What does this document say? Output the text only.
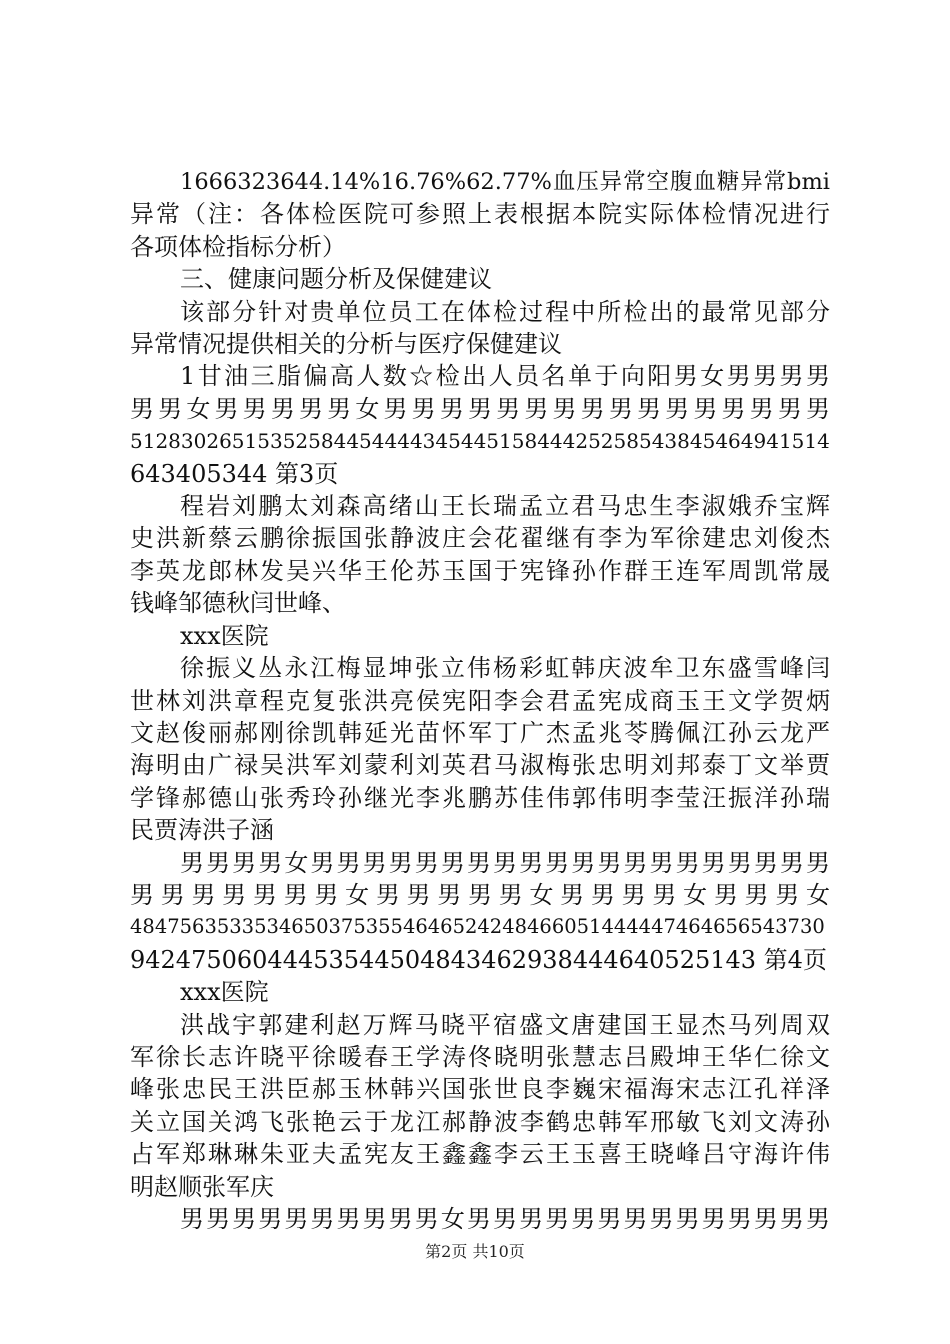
1666323644.14%16.76%62.77%血压异常空腹血糖异常bmi
异常（注：各体检医院可参照上表根据本院实际体检情况进行
各项体检指标分析）
三、健康问题分析及保健建议
该部分针对贵单位员工在体检过程中所检出的最常见部分
异常情况提供相关的分析与医疗保健建议
1甘油三脂偏高人数☆检出人员名单于向阳男女男男男男
男男女男男男男男女男男男男男男男男男男男男男男男男
5128302651535258445444434544515844425258543845464941514
643405344 第3页
程岩刘鹏太刘森高绪山王长瑞孟立君马忠生李淑娥乔宝辉
史洪新蔡云鹏徐振国张静波庄会花翟继有李为军徐建忠刘俊杰
李英龙郎林发吴兴华王伦苏玉国于宪锋孙作群王连军周凯常晟
钱峰邹德秋闫世峰、
xxx医院
徐振义丛永江梅显坤张立伟杨彩虹韩庆波牟卫东盛雪峰闫
世林刘洪章程克复张洪亮侯宪阳李会君孟宪成商玉王文学贺炳
文赵俊丽郝刚徐凯韩延光苗怀军丁广杰孟兆苓腾佩江孙云龙严
海明由广禄吴洪军刘蒙利刘英君马淑梅张忠明刘邦泰丁文举贾
学锋郝德山张秀玲孙继光李兆鹏苏佳伟郭伟明李莹汪振洋孙瑞
民贾涛洪子涵
男男男男女男男男男男男男男男男男男男男男男男男男男
男男男男男男男女男男男男男女男男男男女男男男女
48475635335346503753554646524248466051444447464656543730
94247506044453544504843462938444640525143 第4页
xxx医院
洪战宇郭建利赵万辉马晓平宿盛文唐建国王显杰马列周双
军徐长志许晓平徐暖春王学涛佟晓明张慧志吕殿坤王华仁徐文
峰张忠民王洪臣郝玉林韩兴国张世良李巍宋福海宋志江孔祥泽
关立国关鸿飞张艳云于龙江郝静波李鹤忠韩军邢敏飞刘文涛孙
占军郑琳琳朱亚夫孟宪友王鑫鑫李云王玉喜王晓峰吕守海许伟
明赵顺张军庆
男男男男男男男男男男女男男男男男男男男男男男男男男
第2页 共10页
